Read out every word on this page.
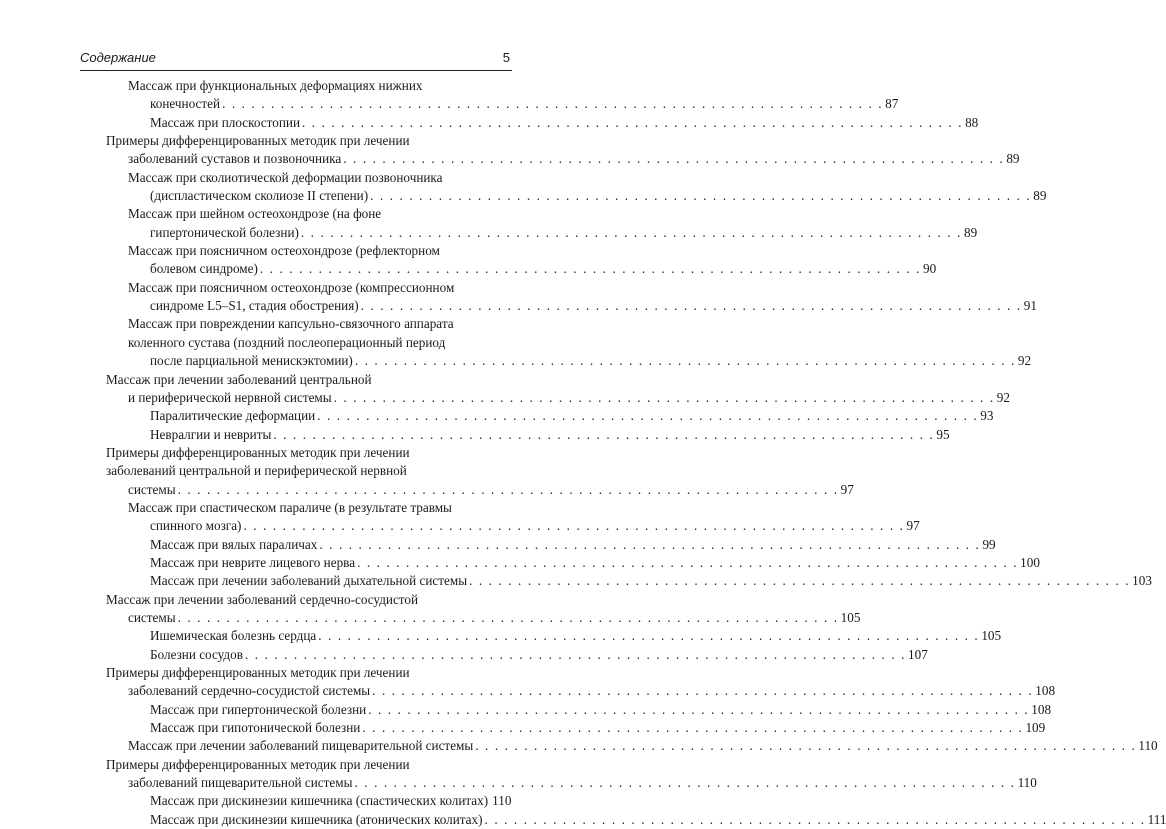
Содержание	5
Массаж при функциональных деформациях нижних
конечностей . . . . . . . . . . . . . . . . . . . . . . . . . . . . . . . . . . . . . . . . . . . . . . . . . . . . . . . . . . . . . . . . . . . . 87
Массаж при плоскостопии . . . . . . . . . . . . . . . . . . . . . . . . . . . . . . . . . . . . . . . . . . . . . . . . . . . . . . . . . . . . . . . . . . . . 88
Примеры дифференцированных методик при лечении
заболеваний суставов и позвоночника . . . . . . . . . . . . . . . . . . . . . . . . . . . . . . . . . . . . . . . . . . . . . . . . . . . . . . . . . . . . . . . . . . . . 89
Массаж при сколиотической деформации позвоночника
(диспластическом сколиозе II степени) . . . . . . . . . . . . . . . . . . . . . . . . . . . . . . . . . . . . . . . . . . . . . . . . . . . . . . . . . . . . . . . . . . . . 89
Массаж при шейном остеохондрозе (на фоне
гипертонической болезни) . . . . . . . . . . . . . . . . . . . . . . . . . . . . . . . . . . . . . . . . . . . . . . . . . . . . . . . . . . . . . . . . . . . . 89
Массаж при поясничном остеохондрозе (рефлекторном
болевом синдроме) . . . . . . . . . . . . . . . . . . . . . . . . . . . . . . . . . . . . . . . . . . . . . . . . . . . . . . . . . . . . . . . . . . . . 90
Массаж при поясничном остеохондрозе (компрессионном
синдроме L5–S1, стадия обострения) . . . . . . . . . . . . . . . . . . . . . . . . . . . . . . . . . . . . . . . . . . . . . . . . . . . . . . . . . . . . . . . . . . . . 91
Массаж при повреждении капсульно-связочного аппарата
коленного сустава (поздний послеоперационный период
после парциальной менискэктомии) . . . . . . . . . . . . . . . . . . . . . . . . . . . . . . . . . . . . . . . . . . . . . . . . . . . . . . . . . . . . . . . . . . . . 92
Массаж при лечении заболеваний центральной
и периферической нервной системы . . . . . . . . . . . . . . . . . . . . . . . . . . . . . . . . . . . . . . . . . . . . . . . . . . . . . . . . . . . . . . . . . . . . 92
Паралитические деформации . . . . . . . . . . . . . . . . . . . . . . . . . . . . . . . . . . . . . . . . . . . . . . . . . . . . . . . . . . . . . . . . . . . . 93
Невралгии и невриты . . . . . . . . . . . . . . . . . . . . . . . . . . . . . . . . . . . . . . . . . . . . . . . . . . . . . . . . . . . . . . . . . . . . 95
Примеры дифференцированных методик при лечении
заболеваний центральной и периферической нервной
системы . . . . . . . . . . . . . . . . . . . . . . . . . . . . . . . . . . . . . . . . . . . . . . . . . . . . . . . . . . . . . . . . . . . . 97
Массаж при спастическом параличе (в результате травмы
спинного мозга) . . . . . . . . . . . . . . . . . . . . . . . . . . . . . . . . . . . . . . . . . . . . . . . . . . . . . . . . . . . . . . . . . . . . 97
Массаж при вялых параличах . . . . . . . . . . . . . . . . . . . . . . . . . . . . . . . . . . . . . . . . . . . . . . . . . . . . . . . . . . . . . . . . . . . . 99
Массаж при неврите лицевого нерва . . . . . . . . . . . . . . . . . . . . . . . . . . . . . . . . . . . . . . . . . . . . . . . . . . . . . . . . . . . . . . . . . . . . 100
Массаж при лечении заболеваний дыхательной системы . . . . . . . . . . . . . . . . . . . . . . . . . . . . . . . . . . . . . . . . . . . . . . . . . . . . . . . . . . . . . . . . . . . . 103
Массаж при лечении заболеваний сердечно-сосудистой
системы . . . . . . . . . . . . . . . . . . . . . . . . . . . . . . . . . . . . . . . . . . . . . . . . . . . . . . . . . . . . . . . . . . . . 105
Ишемическая болезнь сердца . . . . . . . . . . . . . . . . . . . . . . . . . . . . . . . . . . . . . . . . . . . . . . . . . . . . . . . . . . . . . . . . . . . . 105
Болезни сосудов . . . . . . . . . . . . . . . . . . . . . . . . . . . . . . . . . . . . . . . . . . . . . . . . . . . . . . . . . . . . . . . . . . . . 107
Примеры дифференцированных методик при лечении
заболеваний сердечно-сосудистой системы . . . . . . . . . . . . . . . . . . . . . . . . . . . . . . . . . . . . . . . . . . . . . . . . . . . . . . . . . . . . . . . . . . . . 108
Массаж при гипертонической болезни . . . . . . . . . . . . . . . . . . . . . . . . . . . . . . . . . . . . . . . . . . . . . . . . . . . . . . . . . . . . . . . . . . . . 108
Массаж при гипотонической болезни . . . . . . . . . . . . . . . . . . . . . . . . . . . . . . . . . . . . . . . . . . . . . . . . . . . . . . . . . . . . . . . . . . . . 109
Массаж при лечении заболеваний пищеварительной системы . . . . . . . . . . . . . . . . . . . . . . . . . . . . . . . . . . . . . . . . . . . . . . . . . . . . . . . . . . . . . . . . . . . . 110
Примеры дифференцированных методик при лечении
заболеваний пищеварительной системы . . . . . . . . . . . . . . . . . . . . . . . . . . . . . . . . . . . . . . . . . . . . . . . . . . . . . . . . . . . . . . . . . . . . 110
Массаж при дискинезии кишечника (спастических колитах) 110
Массаж при дискинезии кишечника (атонических колитах) . . . . . . . . . . . . . . . . . . . . . . . . . . . . . . . . . . . . . . . . . . . . . . . . . . . . . . . . . . . . . . . . . . . . 111
